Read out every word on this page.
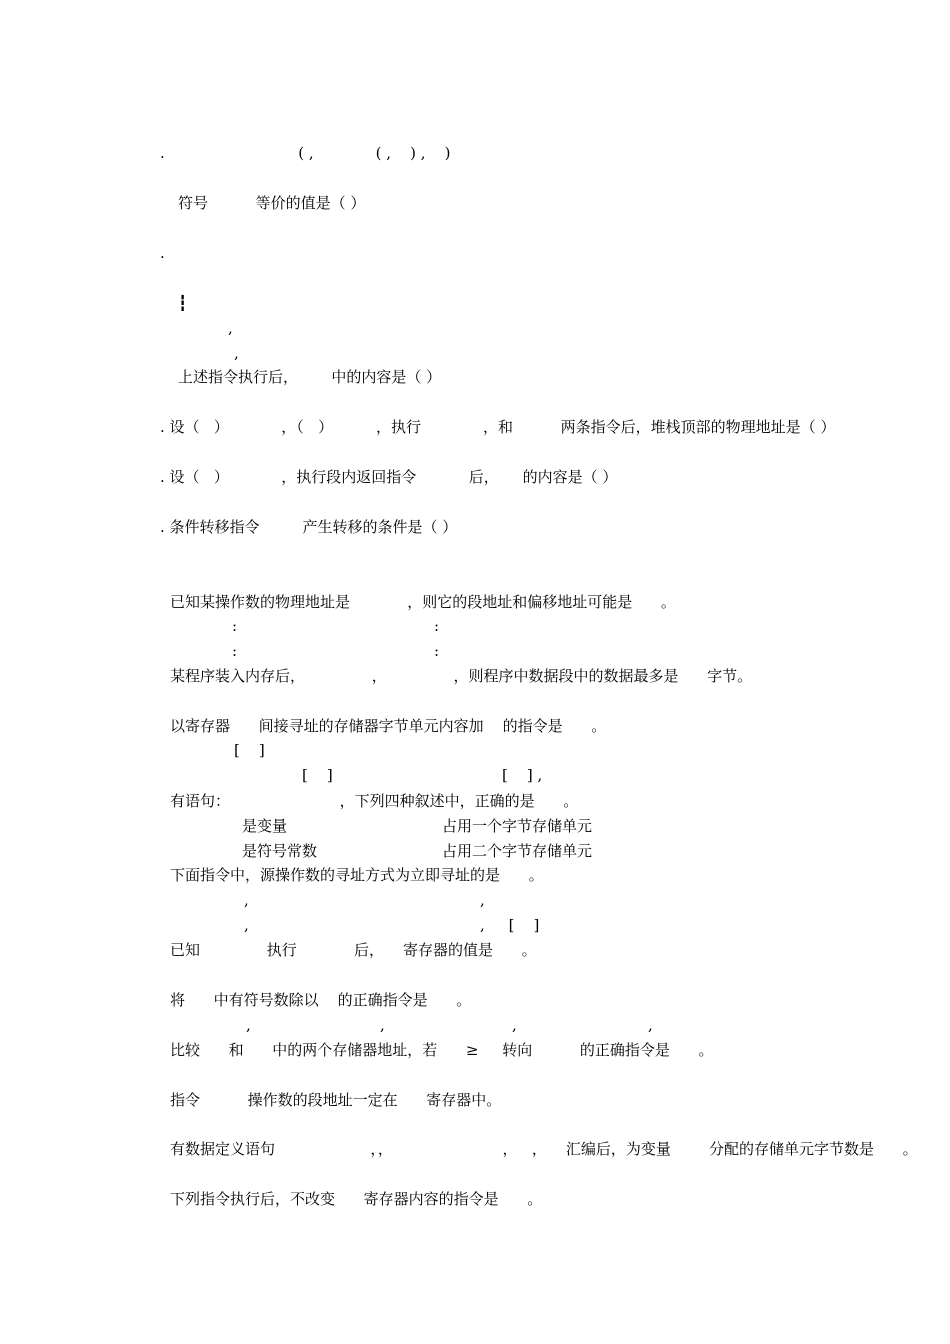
.                            ( ,             ( ,    ) ,    )
符号          等价的值是（ ）
.
┇
,
,
上述指令执行后，       中的内容是（ ）
. 设（   ）           ，（   ）         ，执行             ，和          两条指令后，堆栈顶部的物理地址是（ ）
. 设（   ）           ，执行段内返回指令           后，     的内容是（ ）
. 条件转移指令         产生转移的条件是（ ）
已知某操作数的物理地址是            ，则它的段地址和偏移地址可能是      。
:	:
:	:
某程序装入内存后，              ，              ，则程序中数据段中的数据最多是      字节。
以寄存器      间接寻址的存储器字节单元内容加    的指令是      。
[    ]
[    ]	[    ] ,
有语句：                       ，下列四种叙述中，正确的是      。
是变量	占用一个字节存储单元
是符号常数	占用二个字节存储单元
下面指令中，源操作数的寻址方式为立即寻址的是      。
,	,
,	,     [    ]
已知              执行            后，    寄存器的值是      。
将      中有符号数除以    的正确指令是      。
,	,	,	,
比较      和      中的两个存储器地址，若      ≥     转向          的正确指令是      。
指令          操作数的段地址一定在      寄存器中。
有数据定义语句                    ，，                       ，   ，    汇编后，为变量        分配的存储单元字节数是      。
下列指令执行后，不改变      寄存器内容的指令是      。
